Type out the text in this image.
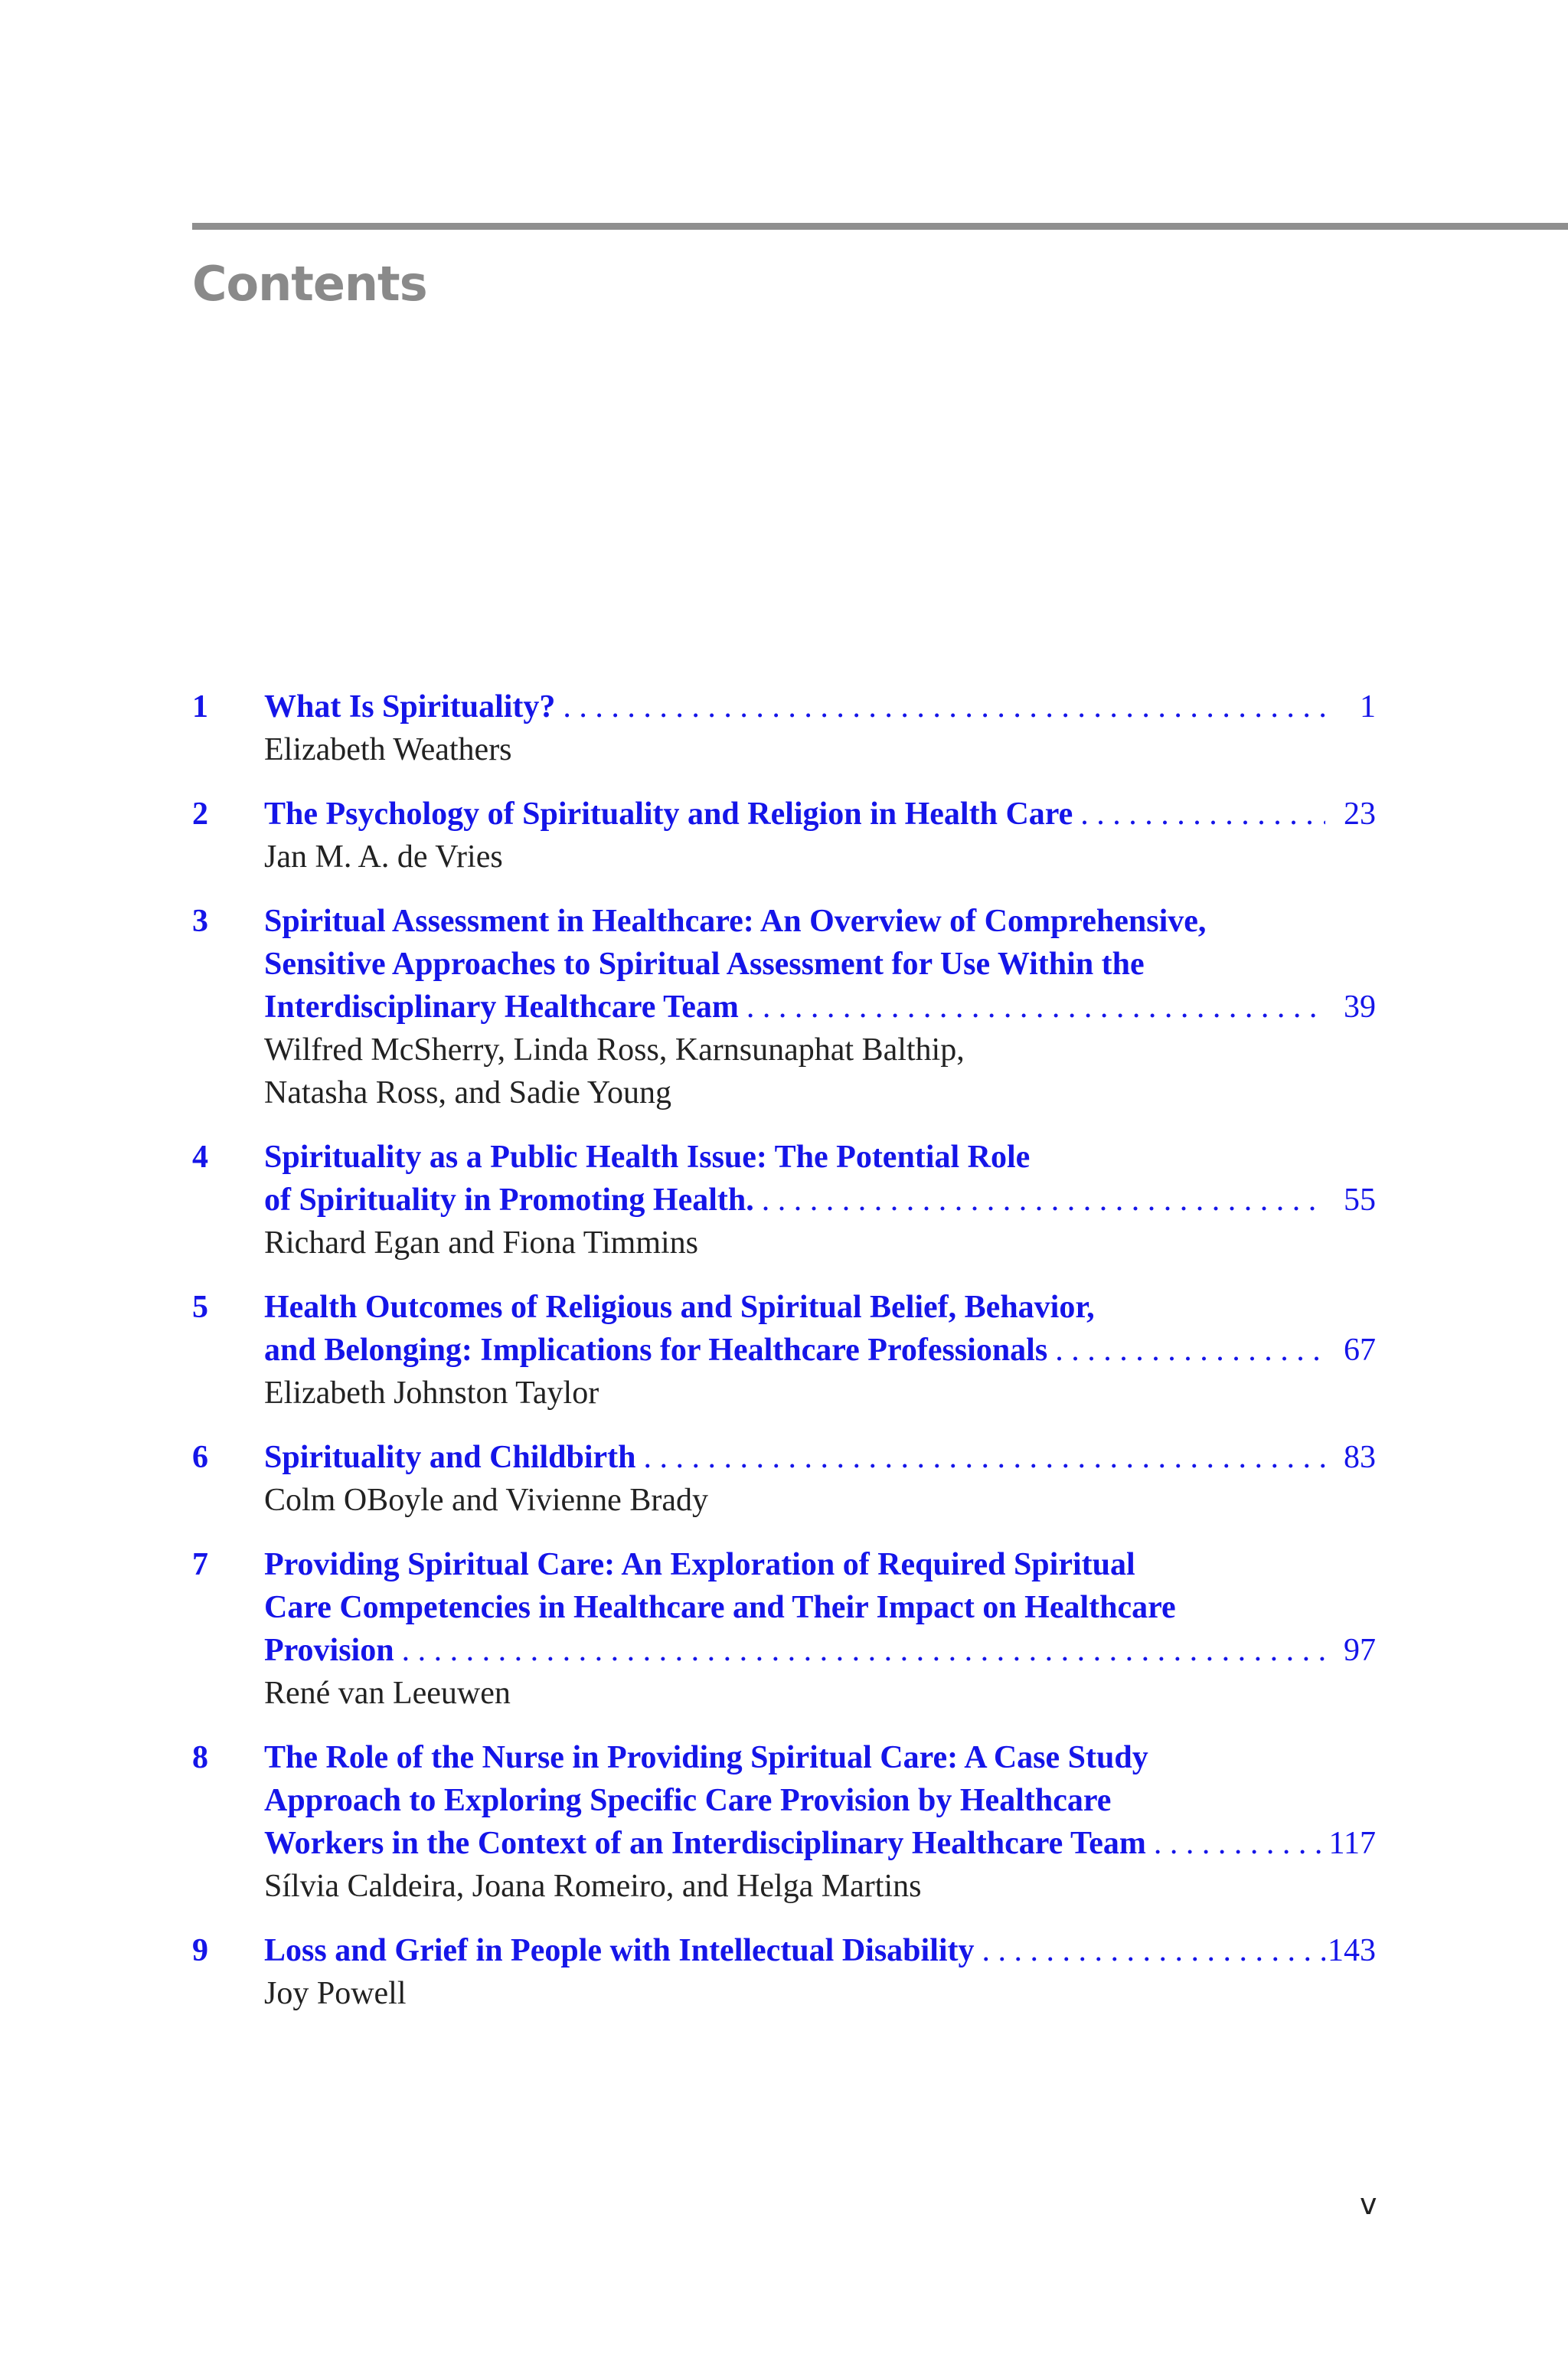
Contents
1 What Is Spirituality? . . .	1
Elizabeth Weathers
2 The Psychology of Spirituality and Religion in Health Care . . .	23
Jan M. A. de Vries
3 Spiritual Assessment in Healthcare: An Overview of Comprehensive,
Sensitive Approaches to Spiritual Assessment for Use Within the
Interdisciplinary Healthcare Team . . .	39
Wilfred McSherry, Linda Ross, Karnsunaphat Balthip,
Natasha Ross, and Sadie Young
4 Spirituality as a Public Health Issue: The Potential Role
of Spirituality in Promoting Health. . . .	55
Richard Egan and Fiona Timmins
5 Health Outcomes of Religious and Spiritual Belief, Behavior,
and Belonging: Implications for Healthcare Professionals . . .	67
Elizabeth Johnston Taylor
6 Spirituality and Childbirth . . .	83
Colm OBoyle and Vivienne Brady
7 Providing Spiritual Care: An Exploration of Required Spiritual
Care Competencies in Healthcare and Their Impact on Healthcare
Provision . . .	97
René van Leeuwen
8 The Role of the Nurse in Providing Spiritual Care: A Case Study
Approach to Exploring Specific Care Provision by Healthcare
Workers in the Context of an Interdisciplinary Healthcare Team . . .	117
Sílvia Caldeira, Joana Romeiro, and Helga Martins
9 Loss and Grief in People with Intellectual Disability . . .	143
Joy Powell
v
